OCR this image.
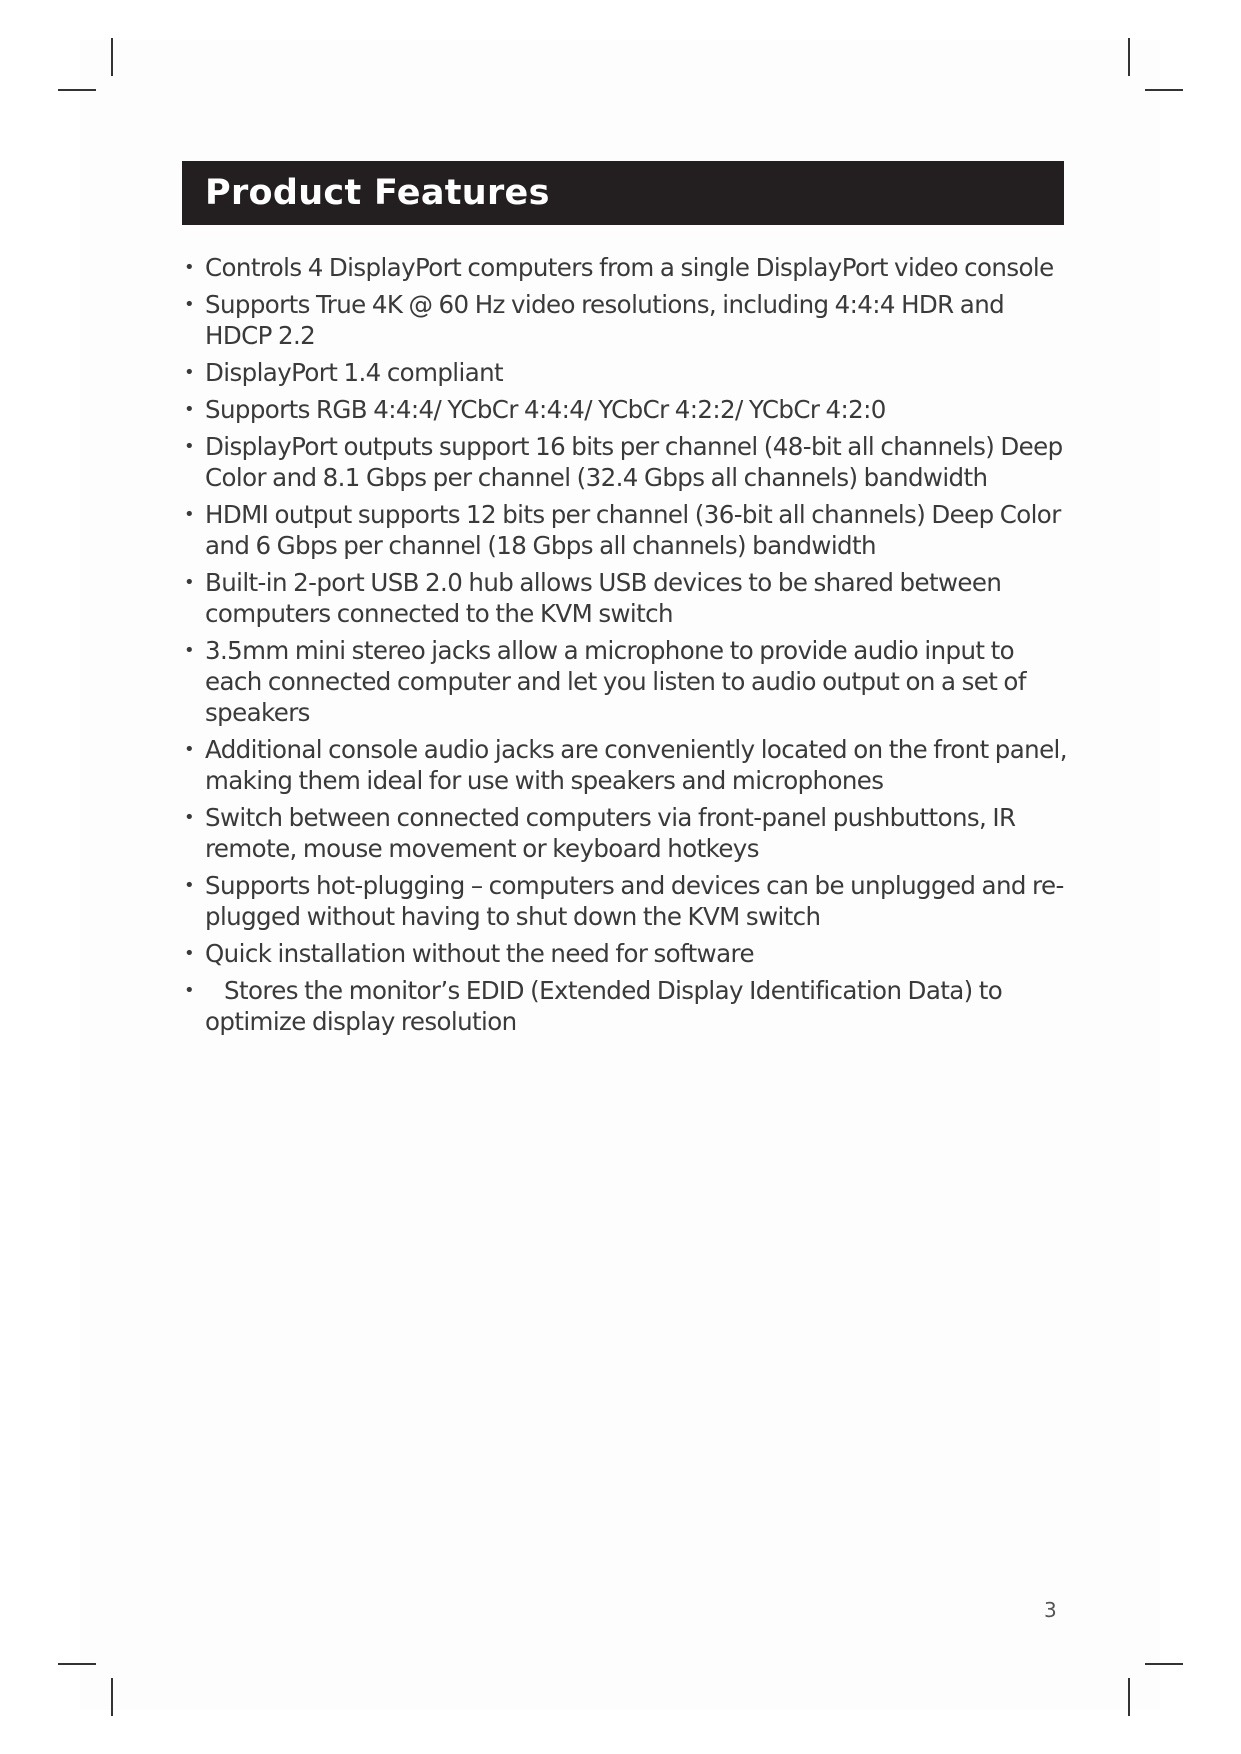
Product Features
• Controls 4 DisplayPort computers from a single DisplayPort video console
• Supports True 4K @ 60 Hz video resolutions, including 4:4:4 HDR and HDCP 2.2
• DisplayPort 1.4 compliant
• Supports RGB 4:4:4/ YCbCr 4:4:4/ YCbCr 4:2:2/ YCbCr 4:2:0
• DisplayPort outputs support 16 bits per channel (48-bit all channels) Deep Color and 8.1 Gbps per channel (32.4 Gbps all channels) bandwidth
• HDMI output supports 12 bits per channel (36-bit all channels) Deep Color and 6 Gbps per channel (18 Gbps all channels) bandwidth
• Built-in 2-port USB 2.0 hub allows USB devices to be shared between computers connected to the KVM switch
• 3.5mm mini stereo jacks allow a microphone to provide audio input to each connected computer and let you listen to audio output on a set of speakers
• Additional console audio jacks are conveniently located on the front panel, making them ideal for use with speakers and microphones
• Switch between connected computers via front-panel pushbuttons, IR remote, mouse movement or keyboard hotkeys
• Supports hot-plugging – computers and devices can be unplugged and re-plugged without having to shut down the KVM switch
• Quick installation without the need for software
•	Stores the monitor’s EDID (Extended Display Identification Data) to optimize display resolution
3
